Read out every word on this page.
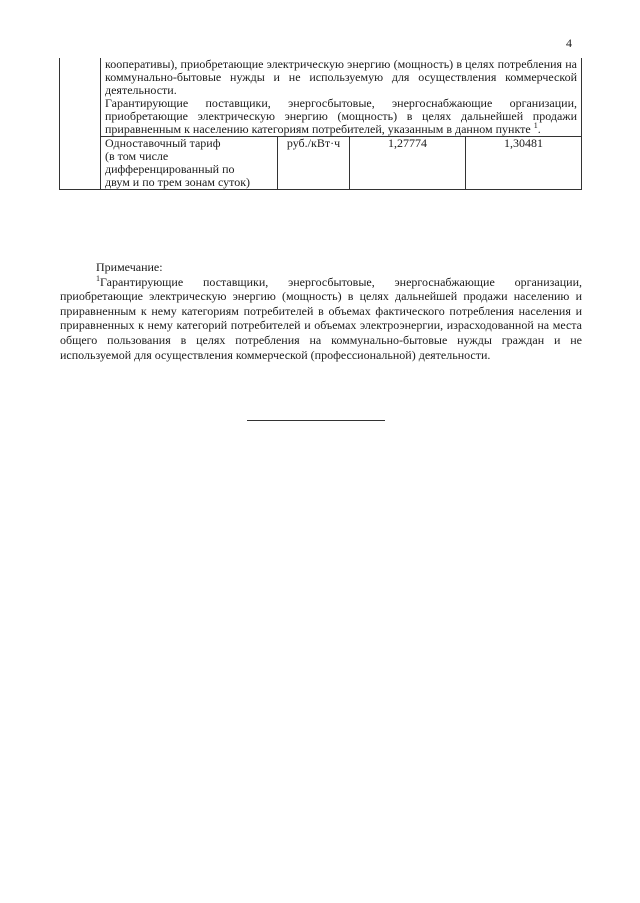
4

	кооперативы), приобретающие электрическую энергию (мощность) в целях потребления на коммунально-бытовые нужды и не используемую для осуществления коммерческой деятельности.

Гарантирующие поставщики, энергосбытовые, энергоснабжающие организации, приобретающие электрическую энергию (мощность) в целях дальнейшей продажи приравненным к населению категориям потребителей, указанным в данном пункте $^1$.			

	Одноставочный тариф
(в том числе
дифференцированный по
двум и по трем зонам суток)	руб./кВт·ч	1,27774	1,30481
Примечание:
$^1$Гарантирующие поставщики, энергосбытовые, энергоснабжающие организации, приобретающие электрическую энергию (мощность) в целях дальнейшей продажи населению и приравненным к нему категориям потребителей в объемах фактического потребления населения и приравненных к нему категорий потребителей и объемах электроэнергии, израсходованной на места общего пользования в целях потребления на коммунально-бытовые нужды граждан и не используемой для осуществления коммерческой (профессиональной) деятельности.
